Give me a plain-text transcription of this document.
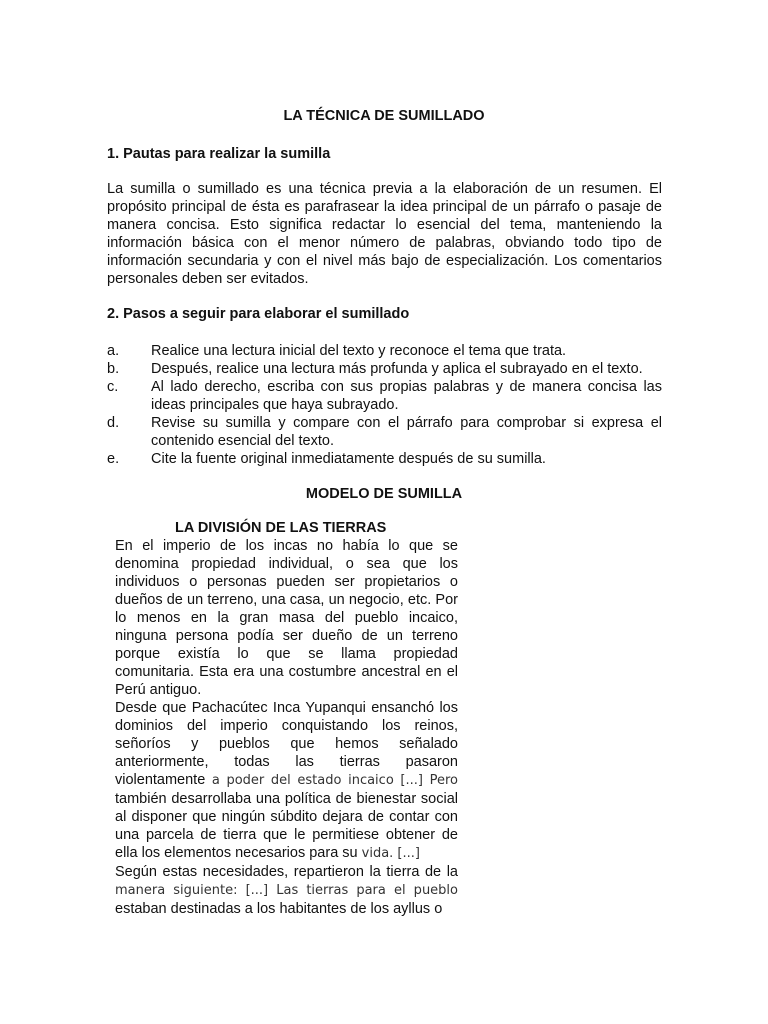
LA TÉCNICA DE SUMILLADO
1. Pautas para realizar la sumilla
La sumilla o sumillado es una técnica previa a la elaboración de un resumen. El propósito principal de ésta es parafrasear la idea principal de un párrafo o pasaje de manera concisa. Esto significa redactar lo esencial del tema, manteniendo la información básica con el menor número de palabras, obviando todo tipo de información secundaria y con el nivel más bajo de especialización. Los comentarios personales deben ser evitados.
2. Pasos a seguir para elaborar el sumillado
a. Realice una lectura inicial del texto y reconoce el tema que trata.
b. Después, realice una lectura más profunda y aplica el subrayado en el texto.
c. Al lado derecho, escriba con sus propias palabras y de manera concisa las ideas principales que haya subrayado.
d. Revise su sumilla y compare con el párrafo para comprobar si expresa el contenido esencial del texto.
e. Cite la fuente original inmediatamente después de su sumilla.
MODELO DE SUMILLA
LA DIVISIÓN DE LAS TIERRAS

En el imperio de los incas no había lo que se denomina propiedad individual, o sea que los individuos o personas pueden ser propietarios o dueños de un terreno, una casa, un negocio, etc. Por lo menos en la gran masa del pueblo incaico, ninguna persona podía ser dueño de un terreno porque existía lo que se llama propiedad comunitaria. Esta era una costumbre ancestral en el Perú antiguo.

Desde que Pachacútec Inca Yupanqui ensanchó los dominios del imperio conquistando los reinos, señoríos y pueblos que hemos señalado anteriormente, todas las tierras pasaron violentamente a poder del estado incaico [...] Pero también desarrollaba una política de bienestar social al disponer que ningún súbdito dejara de contar con una parcela de tierra que le permitiese obtener de ella los elementos necesarios para su vida. [...]

Según estas necesidades, repartieron la tierra de la manera siguiente: [...] Las tierras para el pueblo estaban destinadas a los habitantes de los ayllus o
